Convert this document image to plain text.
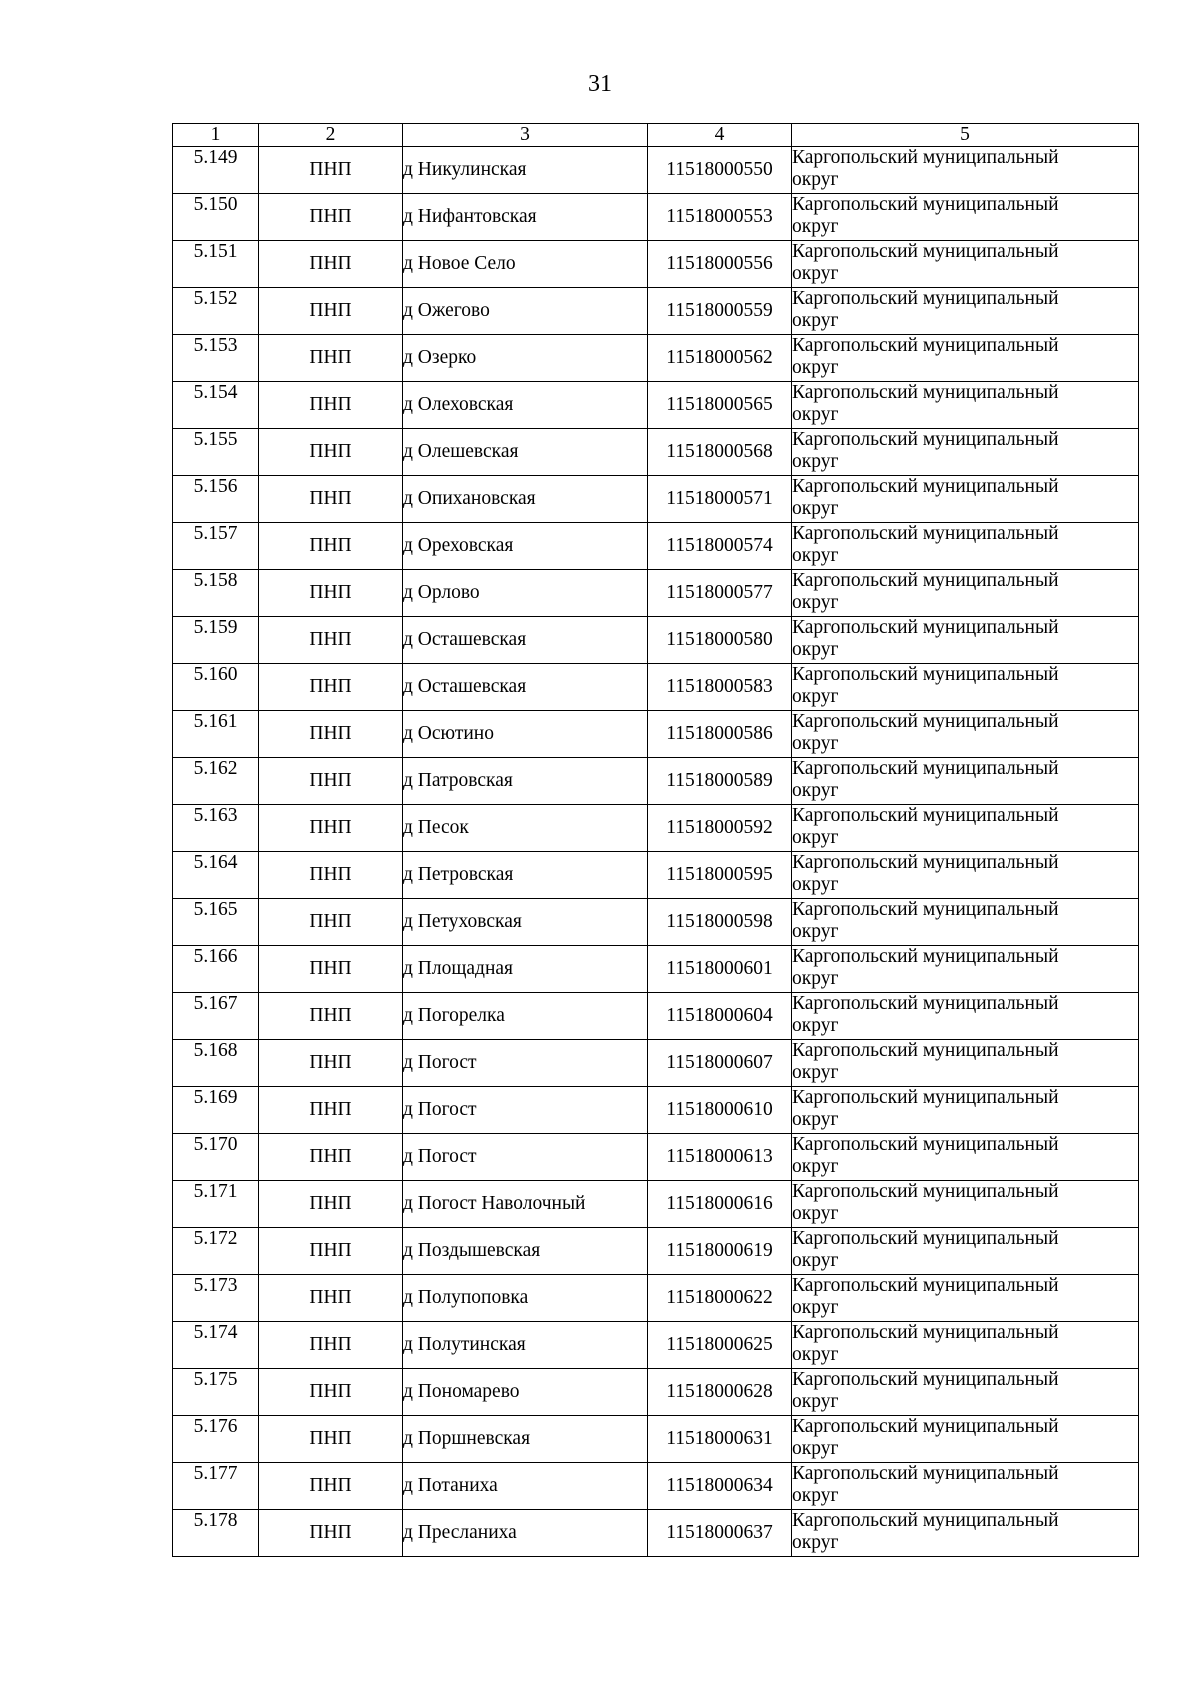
31
1	2	3	4	5
5.149	ПНП	д Никулинская	11518000550	Каргопольский муниципальный округ

5.150	ПНП	д Нифантовская	11518000553	Каргопольский муниципальный округ

5.151	ПНП	д Новое Село	11518000556	Каргопольский муниципальный округ

5.152	ПНП	д Ожегово	11518000559	Каргопольский муниципальный округ

5.153	ПНП	д Озерко	11518000562	Каргопольский муниципальный округ

5.154	ПНП	д Олеховская	11518000565	Каргопольский муниципальный округ

5.155	ПНП	д Олешевская	11518000568	Каргопольский муниципальный округ

5.156	ПНП	д Опихановская	11518000571	Каргопольский муниципальный округ

5.157	ПНП	д Ореховская	11518000574	Каргопольский муниципальный округ

5.158	ПНП	д Орлово	11518000577	Каргопольский муниципальный округ

5.159	ПНП	д Осташевская	11518000580	Каргопольский муниципальный округ

5.160	ПНП	д Осташевская	11518000583	Каргопольский муниципальный округ

5.161	ПНП	д Осютино	11518000586	Каргопольский муниципальный округ

5.162	ПНП	д Патровская	11518000589	Каргопольский муниципальный округ

5.163	ПНП	д Песок	11518000592	Каргопольский муниципальный округ

5.164	ПНП	д Петровская	11518000595	Каргопольский муниципальный округ

5.165	ПНП	д Петуховская	11518000598	Каргопольский муниципальный округ

5.166	ПНП	д Площадная	11518000601	Каргопольский муниципальный округ

5.167	ПНП	д Погорелка	11518000604	Каргопольский муниципальный округ

5.168	ПНП	д Погост	11518000607	Каргопольский муниципальный округ

5.169	ПНП	д Погост	11518000610	Каргопольский муниципальный округ

5.170	ПНП	д Погост	11518000613	Каргопольский муниципальный округ

5.171	ПНП	д Погост Наволочный	11518000616	Каргопольский муниципальный округ

5.172	ПНП	д Поздышевская	11518000619	Каргопольский муниципальный округ

5.173	ПНП	д Полупоповка	11518000622	Каргопольский муниципальный округ

5.174	ПНП	д Полутинская	11518000625	Каргопольский муниципальный округ

5.175	ПНП	д Пономарево	11518000628	Каргопольский муниципальный округ

5.176	ПНП	д Поршневская	11518000631	Каргопольский муниципальный округ

5.177	ПНП	д Потаниха	11518000634	Каргопольский муниципальный округ

5.178	ПНП	д Пресланиха	11518000637	Каргопольский муниципальный округ
